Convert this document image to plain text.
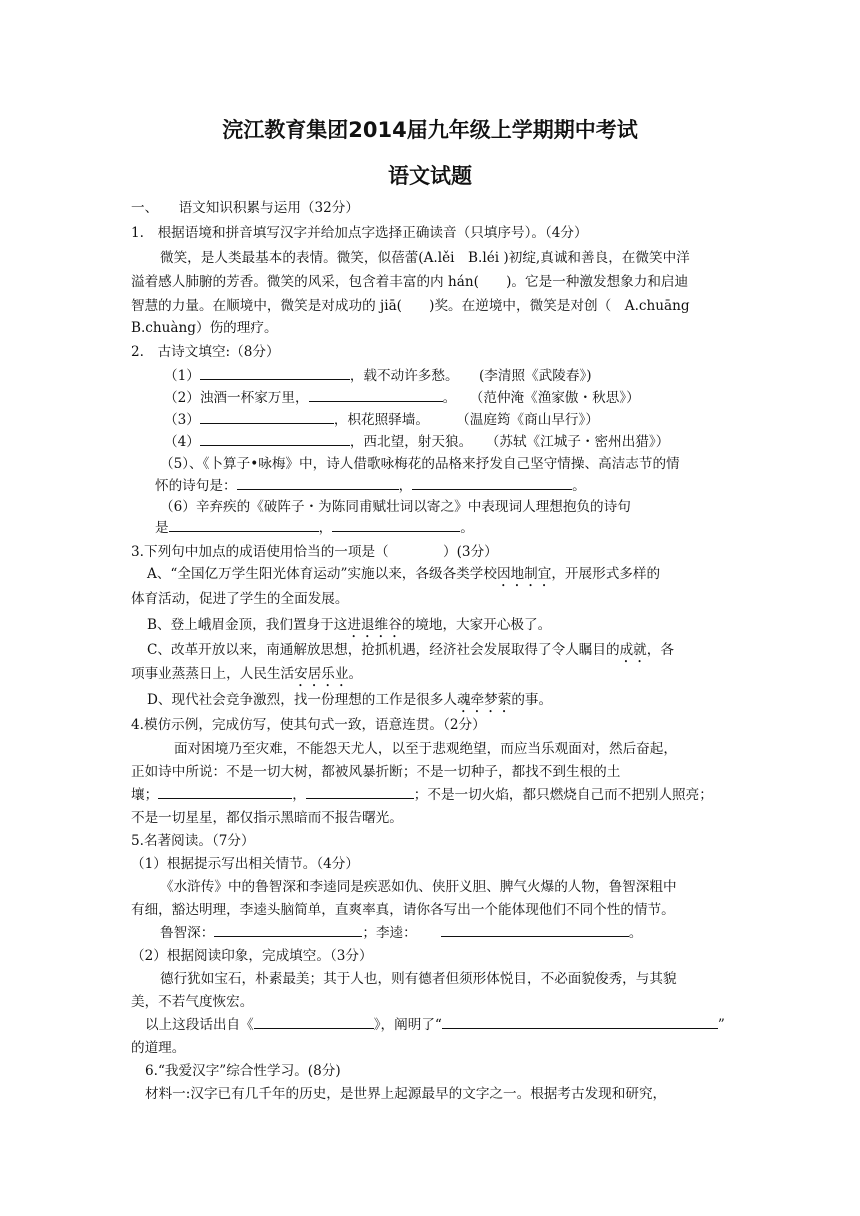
浣江教育集团2014届九年级上学期期中考试
语文试题
一、　　语文知识积累与运用（32分）
1.　根据语境和拼音填写汉字并给加点字选择正确读音（只填序号）。（4分）
微笑，是人类最基本的表情。微笑，似蓓蕾(A.lěi　B.léi )初绽,真诚和善良，在微笑中洋
溢着感人肺腑的芳香。微笑的风采，包含着丰富的内 hán(　　)。它是一种激发想象力和启迪
智慧的力量。在顺境中，微笑是对成功的 jiā(　　)奖。在逆境中，微笑是对创（　A.chuāng
B.chuàng）伤的理疗。
2.　古诗文填空:（8分）
（1）	，载不动许多愁。　　(李清照《武陵春》)
（2）浊酒一杯家万里，	。　　（范仲淹《渔家傲・秋思》）
（3）	，枳花照驿墙。　　　（温庭筠《商山早行》）
（4）	，西北望，射天狼。　　（苏轼《江城子・密州出猎》）
（5）、《卜算子•咏梅》中，诗人借歌咏梅花的品格来抒发自己坚守情操、高洁志节的情
怀的诗句是：	，	。
（6）辛弃疾的《破阵子・为陈同甫赋壮词以寄之》中表现词人理想抱负的诗句
是	，	。
3.下列句中加点的成语使用恰当的一项是（　　　　）(3分）
A、“全国亿万学生阳光体育运动”实施以来，各级各类学校因地制宜，开展形式多样的
体育活动，促进了学生的全面发展。
B、登上峨眉金顶，我们置身于这进退维谷的境地，大家开心极了。
C、改革开放以来，南通解放思想，抢抓机遇，经济社会发展取得了令人瞩目的成就，各
项事业蒸蒸日上，人民生活安居乐业。
D、现代社会竞争激烈，找一份理想的工作是很多人魂牵梦萦的事。
4.模仿示例，完成仿写，使其句式一致，语意连贯。（2分）
面对困境乃至灾难，不能怨天尤人，以至于悲观绝望，而应当乐观面对，然后奋起，
正如诗中所说：不是一切大树，都被风暴折断；不是一切种子，都找不到生根的土
壤；	，	；不是一切火焰，都只燃烧自己而不把别人照亮；
不是一切星星，都仅指示黑暗而不报告曙光。
5.名著阅读。（7分）
（1）根据提示写出相关情节。（4分）
《水浒传》中的鲁智深和李逵同是疾恶如仇、侠肝义胆、脾气火爆的人物，鲁智深粗中
有细，豁达明理，李逵头脑简单，直爽率真，请你各写出一个能体现他们不同个性的情节。
鲁智深：	；李逵：	。
（2）根据阅读印象，完成填空。（3分）
德行犹如宝石，朴素最美；其于人也，则有德者但须形体悦目，不必面貌俊秀，与其貌
美，不若气度恢宏。
以上这段话出自《	》，阐明了“	”
的道理。
6.“我爱汉字”综合性学习。(8分)
材料一:汉字已有几千年的历史，是世界上起源最早的文字之一。根据考古发现和研究，
